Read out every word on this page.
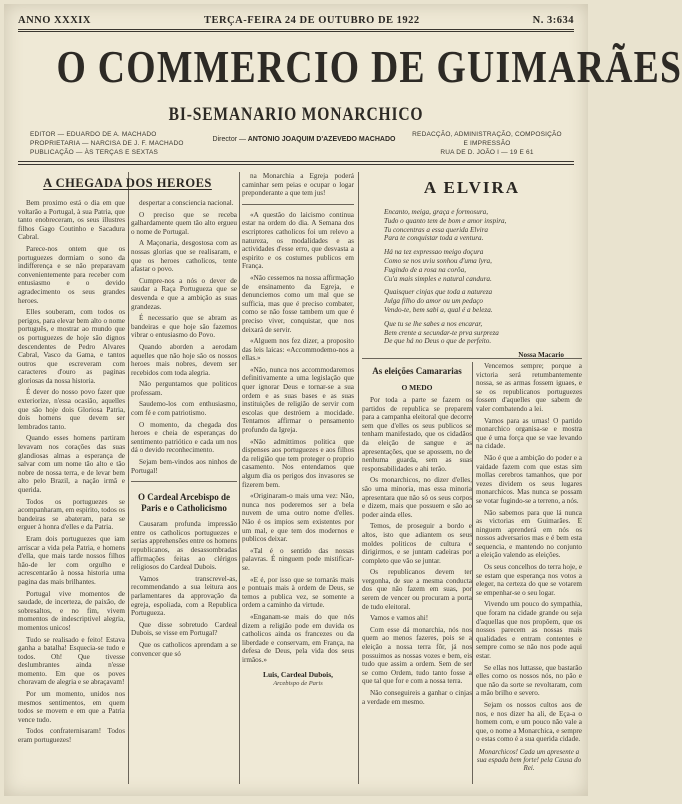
ANNO XXXIX	TERÇA-FEIRA 24 DE OUTUBRO DE 1922	N. 3:634
O COMMERCIO DE GUIMARÃES
BI-SEMANARIO MONARCHICO
EDITOR — EDUARDO DE A. MACHADO
PROPRIETARIA — NARCISA DE J. F. MACHADO
PUBLICAÇÃO — ÀS TERÇAS E SEXTAS
Director — ANTONIO JOAQUIM D'AZEVEDO MACHADO
REDACÇÃO, ADMINISTRAÇÃO, COMPOSIÇÃO
E IMPRESSÃO
RUA DE D. JOÃO I — 19 E 61
A CHEGADA DOS HEROES

Bem proximo está o dia em que voltarão a Portugal, à sua Patria, que tanto enobreceram, os seus illustres filhos Gago Coutinho e Sacadura Cabral.

Parece-nos ontem que os portuguezes dormiam o sono da indifferença e se não preparavam convenientemente para receber com entusiasmo e o devido agradecimento os seus grandes heroes.

Elles souberam, com todos os perigos, para elevar bem alto o nome português, e mostrar ao mundo que os portuguezes de hoje são dignos descendentes de Pedro Alvares Cabral, Vasco da Gama, e tantos outros que escreveram com caracteres d'ouro as paginas gloriosas da nossa historia.

É dever do nosso povo fazer que exteriorize, n'essa ocasião, aquelles que são hoje dois Gloriosa Patria, dois homens que devem ser lembrados tanto.

Quando esses homens partiram levavam nos corações das suas glandiosas almas a esperança de salvar com um nome tão alto e tão nobre de nossa terra, e de levar bem alto pelo Brazil, a nação irmã e querida.

Todos os portuguezes se acompanharam, em espirito, todos os bandeiras se abateram, para se erguer à honra d'elles e da Patria.

Eram dois portuguezes que iam arriscar a vida pela Patria, e homens d'ella, que mais tarde nossos filhos hão-de ler com orgulho e acrescentarão à nossa historia uma pagina das mais brilhantes.

Portugal vive momentos de saudade, de incerteza, de paixão, de sobresaltos, e no fim, vivem momentos de indescriptivel alegria, momentos unicos!

Tudo se realisado e feito! Estava ganha a batalha! Esquecia-se tudo e todos. Oh! Que tivesse deslumbrantes ainda n'esse momento. Em que os poves choravam de alegria e se abraçavam!

Por um momento, unidos nos mesmos sentimentos, em quem todos se movem e em que a Patria vence tudo.

Todos confraternisaram! Todos eram portuguezes!

despertar a consciencia nacional.

O preciso que se receba galhardamente quem tão alto ergueu o nome de Portugal.

A Maçonaria, desgostosa com as nossas glorias que se realisaram, e que os heroes catholicos, tente afastar o povo.

Cumpre-nos a nós o dever de saudar a Raça Portugueza que se desvenda e que a ambição as suas grandezas.

É necessario que se abram as bandeiras e que hoje são fazemos vibrar o entusiasmo do Povo.

Quando aborden a aerodam aquelles que não hoje são os nossos heroes mais nobres, devem ser recebidos com toda alegria.

Não perguntamos que politicos professam.

Saudemo-los com enthusiasmo, com fé e com patriotismo.

O momento, da chegada dos heroes e cheia de esperanças do sentimento patriótico e cada um nos dá o devido reconhecimento.

Sejam bem-vindos aos ninhos de Portugal!

O Cardeal Arcebispo de Paris e o Catholicismo

Causaram profunda impressão entre os catholicos portuguezes e serias apprehensões entre os homens republicanos, as desassombradas affirmações feitas ao clérigos religiosos do Cardeal Dubois.

Vamos transcrevel-as, recommendando a sua leitura aos parlamentares da approvação da egreja, espoliada, com a Republica Portugueza.

Que disse sobretudo Cardeal Dubois, se visse em Portugal?

Que os catholicos aprendam a se convencer que só

na Monarchia a Egreja poderá caminhar sem peias e ocupar o logar preponderante a que tem jus!

«A questão do laicismo continua estar na ordem do dia. A Semana dos escriptores catholicos foi um relevo a natureza, os modalidades e as actividades d'esse erro, que desvasta a espirito e os costumes publicos em França.

«Não cessemos na nossa affirmação de ensinamento da Egreja, e denunciemos como um mal que se sufficia, mas que é preciso combater, como se não fosse tambem um que é preciso viver, conquistar, que nos deixará de servir.

«Alguem nos fez dizer, a proposito das leis laicas: «Accommodemo-nos a ellas.»

«Não, nunca nos accommodaremos definitivamente a uma legislação que quer ignorar Deus e tornar-se a sua ordem e as suas bases e as suas instituições de religião de servir com escolas que destróem a mocidade. Tentamos affirmar o pensamento profundo da Igreja.

«Não admittimos politica que dispenses aos portuguezes e aos filhos da religião que tem proteger o proprio casamento. Nos entendamos que algum dia os perigos dos invasores se fizerem bem.

«Originaram-o mais uma vez: Não, nunca nos poderemos ser a bela nuvem de uma outro nome d'elles. Não é os impios sem existentes por um mal, e que tem dos modernos e publicos deixar.

«Tal é o sentido das nossas palavras. É ninguem pode mistificar-se.

«E é, por isso que se tornarás mais e pontuais mais à ordem de Deus, se temos a publica vez, se somente a ordem a caminho da virtude.

«Enganam-se mais do que nós dizem a religião pode em duvida os catholicos ainda os francezes ou da liberdade e conservam, em França, na defesa de Deus, pela vida dos seus irmãos.»

Luis, Cardeal Dubois,
Arcebispo de Paris
A ELVIRA
Encanto, meiga, graça e formosura,
Tudo o quanto tem de bom e amor inspira,
Tu concentras a essa querida Elvira
Para te conquistar toda a ventura.
Há na tez expressao meigo doçura
Como se nos uviu sonhou d'uma lyra,
Fugindo de a rosa na corôa,
Cu'a mais simples e natural candura.
Quaisquer cinjas que toda a natureza
Julga filho do amor ou um pedaço
Vendo-te, bem sabi a, qual é a beleza.
Que tu se lhe sabes a nos encarar,
Bem crente a secundar-te prva surpreza
De que há no Deus o que de perfeito.
Nossa Macario
As eleições Camararias
O MEDO

Por toda a parte se fazem os partidos de republica se preparem para a campanha eleitoral que decorre sem que d'elles os seus publicos se tenham manifestado, que os cidadãos da eleição de sangue e as apresentações, que se apossem, no de nenhuma guarda, sem as suas responsabilidades e ahi terão.

Os monarchicos, no dizer d'elles, são uma minoria, mas essa minoria apresentara que não só os seus corpos e dizem, mais que possuem e são ao poder ainda elles.

Temos, de proseguir a bordo e altos, isto que adiantem os seus moldes politicos de cultura e dirigirmos, e se juntam cadeiras por completo que vão se juntar.

Os republicanos devem ter vergonha, de sue a mesma conducta dos que não fazem em suas, por serem de vencer ou procuram a porta de tudo eleitoral.

Vamos e vamos ahi!

Com esse dá monarchia, nós nos quem ao menos fazeres, pois se a eleição a nossa terra fôr, já nos possuimos as nossas vozes e bem, eis tudo que assim a ordem. Sem de ser se como Ordem, tudo tanto fosse a que tal que for e com a nossa terra.

Não conseguireis a ganhar o cinjas a verdade em mesmo.

Vencemos sempre; porque a victoria será retumbantemente nossa, se as armas fossem iguaes, e se os republicanos portuguezes fossem d'aquelles que sabem de valer combatendo a lei.

Vamos para as urnas! O partido monarchico organisa-se e mostra que é uma força que se vae levando na cidade.

Não é que a ambição do poder e a vaidade fazem com que estas sim mollas cerebros tamanhos, que por vezes dividem os seus lugares monarchicos. Mas nunca se possam se votar fugindo-se a terreno, a nós.

Não sabemos para que lá nunca as victorias em Guimarães. E ninguem aprenderá em nós os nossos adversarios mas e é bem esta sequencia, e mantendo no conjunto a eleição valendo as eleições.

Os seus concelhos do terra hoje, e se estam que esperança nos votos a eleger, na certeza do que se votarem se empenhar-se o seu logar.

Vivendo um pouco do sympathia, que foram na cidade grande ou seja d'aquellas que nos propõem, que os nossos parecem as nossas mais qualidades e entram contentes e sempre como se não nos pode aqui estar.

Se ellas nos luttasse, que bastarão elles como os nossos nós, no pão e que não da sorte se revoltaram, com a mão brilho e severo.

Sejam os nossos cultos aos de nos, e nos dizer ha ali, de Eça-a o homem com, e um pouco não vale a que, o nome a Monarchica, e sempre o estas como é a sua querida cidade.

Monarchicos! Cada um apresente a sua espada bem forte! pela Causa do Rei.
